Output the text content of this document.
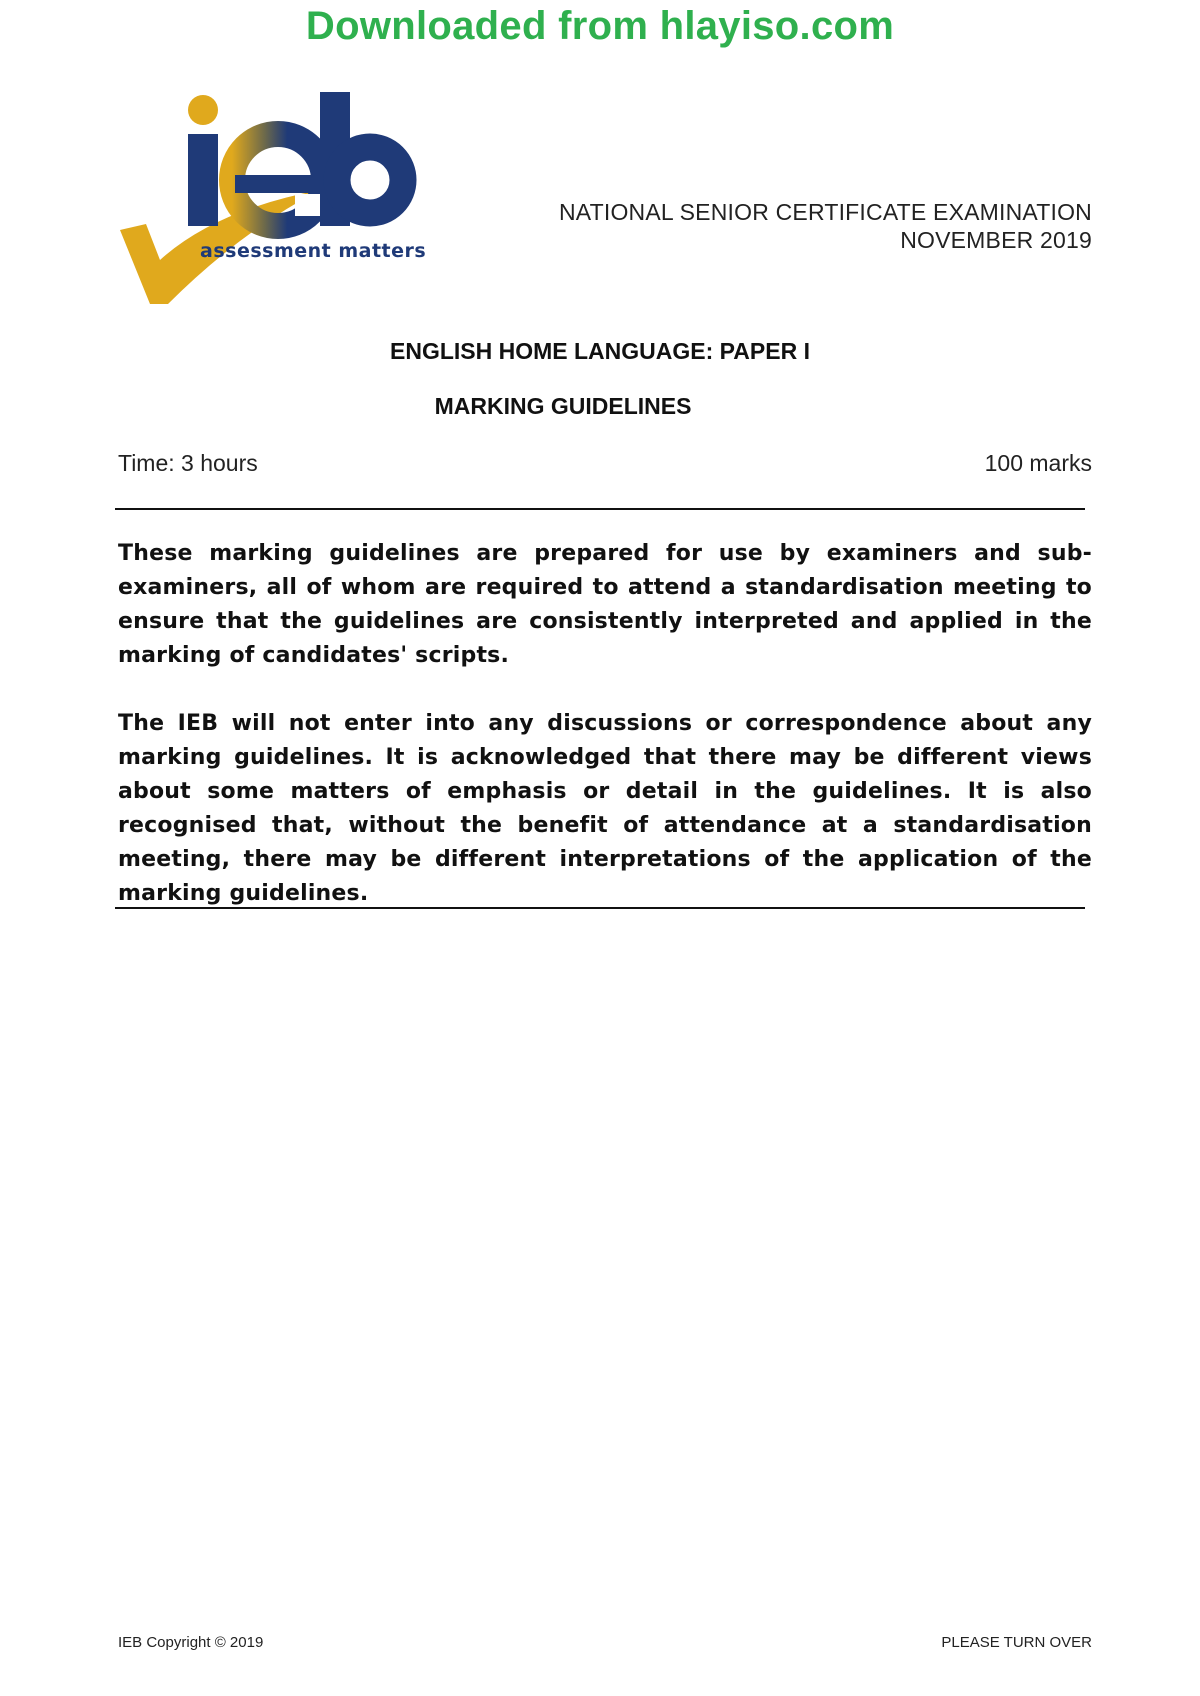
Downloaded from hlayiso.com
assessment matters
NATIONAL SENIOR CERTIFICATE EXAMINATION
NOVEMBER 2019
ENGLISH HOME LANGUAGE: PAPER I
MARKING GUIDELINES
Time: 3 hours	100 marks

These marking guidelines are prepared for use by examiners and sub-examiners, all of whom are required to attend a standardisation meeting to ensure that the guidelines are consistently interpreted and applied in the marking of candidates' scripts.

The IEB will not enter into any discussions or correspondence about any marking guidelines. It is acknowledged that there may be different views about some matters of emphasis or detail in the guidelines. It is also recognised that, without the benefit of attendance at a standardisation meeting, there may be different interpretations of the application of the marking guidelines.

IEB Copyright © 2019	PLEASE TURN OVER
